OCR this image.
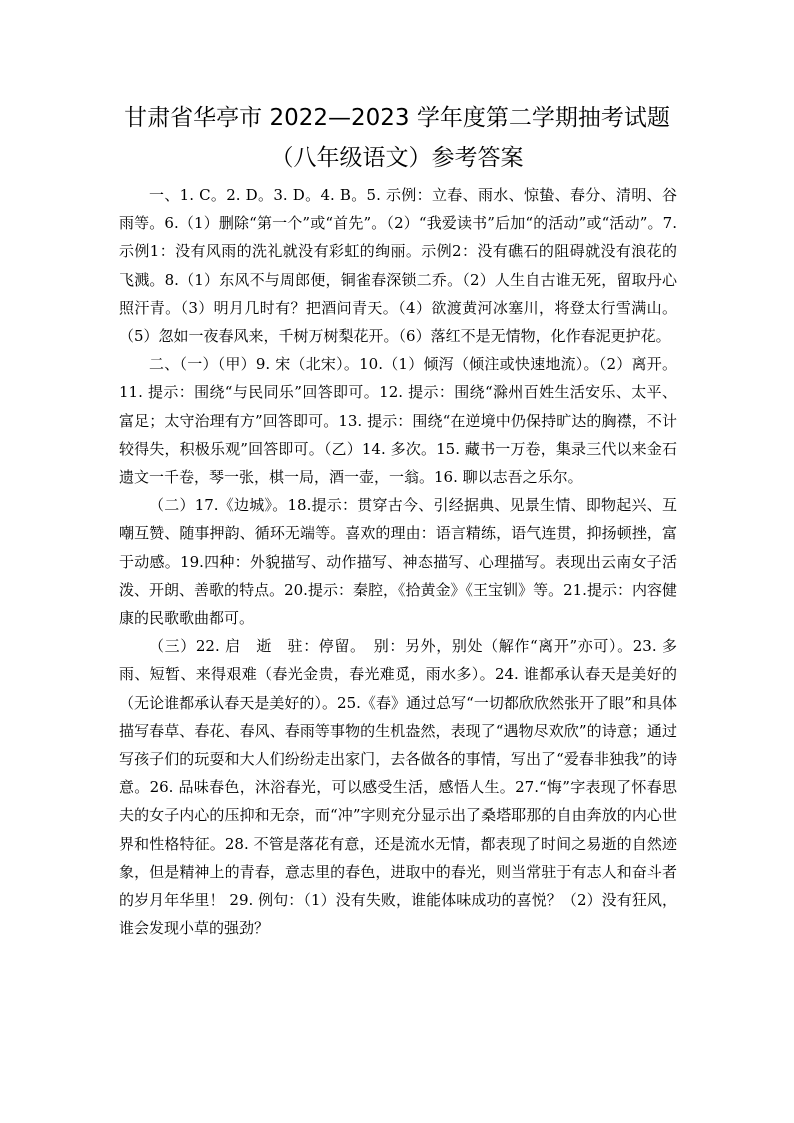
甘肃省华亭市 2022—2023 学年度第二学期抽考试题
（八年级语文）参考答案

一、1. C。2. D。3. D。4. B。5. 示例：立春、雨水、惊蛰、春分、清明、谷雨等。6.（1）删除“第一个”或“首先”。（2）“我爱读书”后加“的活动”或“活动”。7. 示例1：没有风雨的洗礼就没有彩虹的绚丽。示例2：没有礁石的阻碍就没有浪花的飞溅。8.（1）东风不与周郎便，铜雀春深锁二乔。（2）人生自古谁无死，留取丹心照汗青。（3）明月几时有？把酒问青天。（4）欲渡黄河冰塞川，将登太行雪满山。（5）忽如一夜春风来，千树万树梨花开。（6）落红不是无情物，化作春泥更护花。

二、（一）（甲）9. 宋（北宋）。10.（1）倾泻（倾注或快速地流）。（2）离开。11. 提示：围绕“与民同乐”回答即可。12. 提示：围绕“滁州百姓生活安乐、太平、富足；太守治理有方”回答即可。13. 提示：围绕“在逆境中仍保持旷达的胸襟，不计较得失，积极乐观”回答即可。（乙）14. 多次。15. 藏书一万卷，集录三代以来金石遗文一千卷，琴一张，棋一局，酒一壶，一翁。16. 聊以志吾之乐尔。

（二）17.《边城》。18.提示：贯穿古今、引经据典、见景生情、即物起兴、互嘲互赞、随事押韵、循环无端等。喜欢的理由：语言精练，语气连贯，抑扬顿挫，富于动感。19.四种：外貌描写、动作描写、神态描写、心理描写。表现出云南女子活泼、开朗、善歌的特点。20.提示：秦腔，《拾黄金》《王宝钏》等。21.提示：内容健康的民歌歌曲都可。

（三）22. 启　逝　驻：停留。　别：另外，别处（解作“离开”亦可）。23. 多雨、短暂、来得艰难（春光金贵，春光难觅，雨水多）。24. 谁都承认春天是美好的（无论谁都承认春天是美好的）。25.《春》通过总写“一切都欣欣然张开了眼”和具体描写春草、春花、春风、春雨等事物的生机盎然，表现了“遇物尽欢欣”的诗意；通过写孩子们的玩耍和大人们纷纷走出家门，去各做各的事情，写出了“爱春非独我”的诗意。26. 品味春色，沐浴春光，可以感受生活，感悟人生。27.“悔”字表现了怀春思夫的女子内心的压抑和无奈，而“冲”字则充分显示出了桑塔耶那的自由奔放的内心世界和性格特征。28. 不管是落花有意，还是流水无情，都表现了时间之易逝的自然迹象，但是精神上的青春，意志里的春色，进取中的春光，则当常驻于有志人和奋斗者的岁月年华里！ 29. 例句：（1）没有失败，谁能体味成功的喜悦？（2）没有狂风，谁会发现小草的强劲？
